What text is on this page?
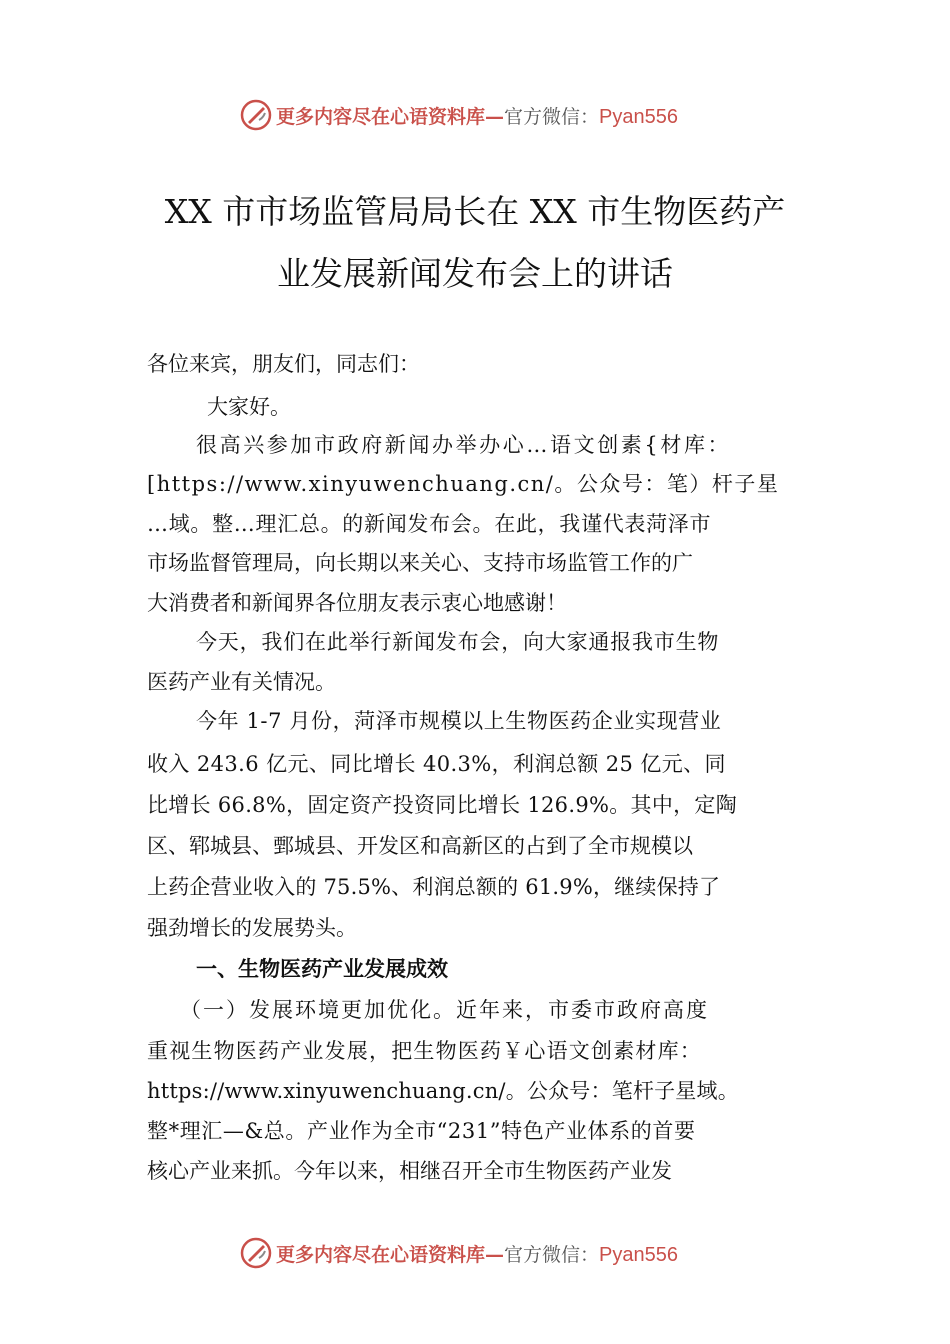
更多内容尽在心语资料库—官方微信：Pyan556
XX 市市场监管局局长在 XX 市生物医药产
业发展新闻发布会上的讲话
各位来宾，朋友们，同志们：
大家好。
很高兴参加市政府新闻办举办心…语文创素{材库：
[https://www.xinyuwenchuang.cn/。公众号：笔）杆子星
…域。整…理汇总。的新闻发布会。在此，我谨代表菏泽市
市场监督管理局，向长期以来关心、支持市场监管工作的广
大消费者和新闻界各位朋友表示衷心地感谢！
今天，我们在此举行新闻发布会，向大家通报我市生物
医药产业有关情况。
今年 1-7 月份，菏泽市规模以上生物医药企业实现营业
收入 243.6 亿元、同比增长 40.3%，利润总额 25 亿元、同
比增长 66.8%，固定资产投资同比增长 126.9%。其中，定陶
区、郓城县、鄄城县、开发区和高新区的占到了全市规模以
上药企营业收入的 75.5%、利润总额的 61.9%，继续保持了
强劲增长的发展势头。
一、生物医药产业发展成效
（一）发展环境更加优化。近年来，市委市政府高度
重视生物医药产业发展，把生物医药￥心语文创素材库：
https://www.xinyuwenchuang.cn/。公众号：笔杆子星域。
整*理汇—&总。产业作为全市“231”特色产业体系的首要
核心产业来抓。今年以来，相继召开全市生物医药产业发
更多内容尽在心语资料库—官方微信：Pyan556
